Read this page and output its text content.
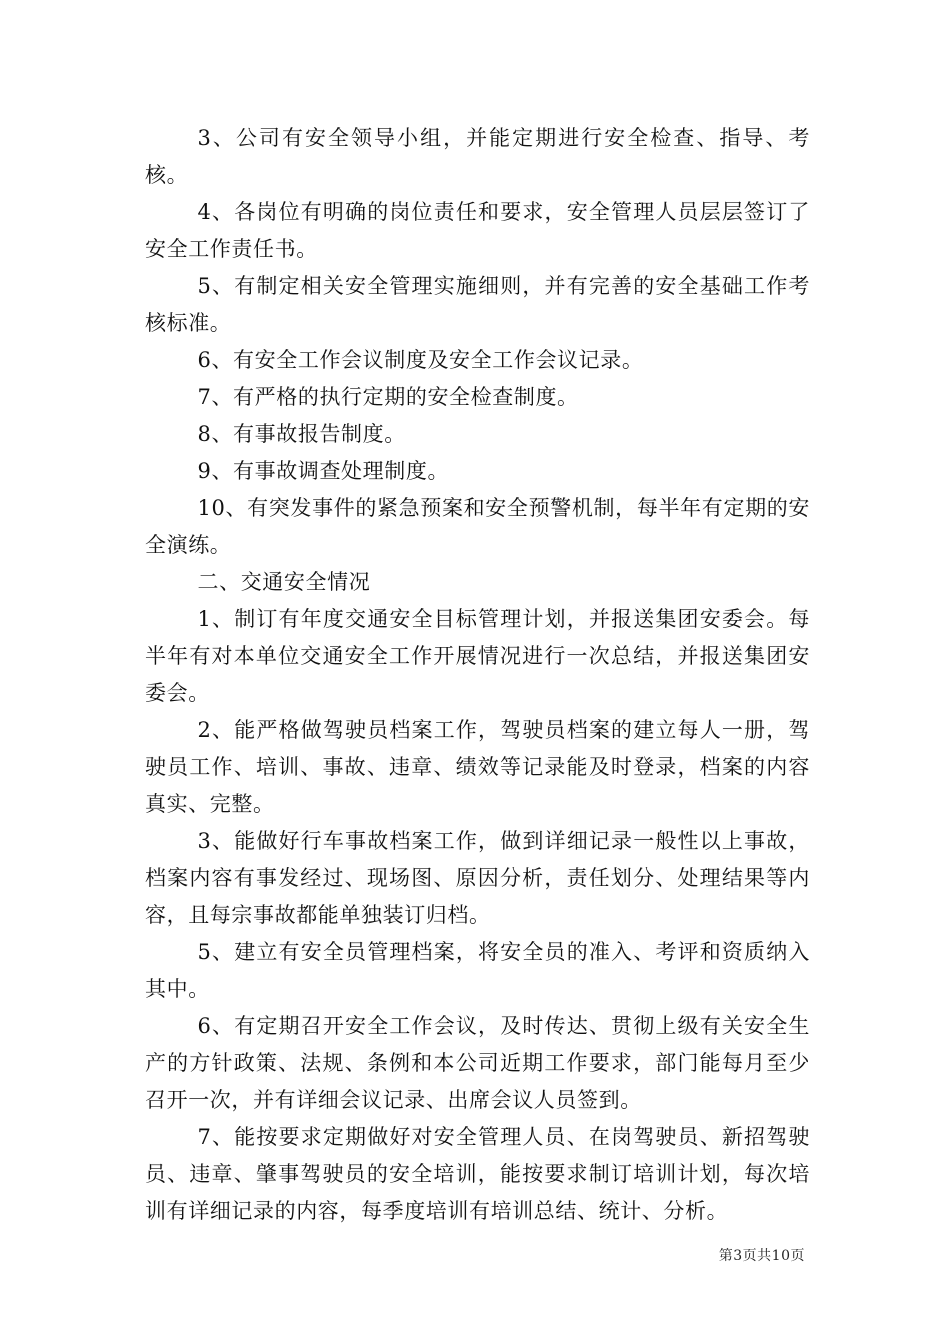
3、公司有安全领导小组，并能定期进行安全检查、指导、考核。

4、各岗位有明确的岗位责任和要求，安全管理人员层层签订了安全工作责任书。

5、有制定相关安全管理实施细则，并有完善的安全基础工作考核标准。

6、有安全工作会议制度及安全工作会议记录。

7、有严格的执行定期的安全检查制度。

8、有事故报告制度。

9、有事故调查处理制度。

10、有突发事件的紧急预案和安全预警机制，每半年有定期的安全演练。

二、交通安全情况

1、制订有年度交通安全目标管理计划，并报送集团安委会。每半年有对本单位交通安全工作开展情况进行一次总结，并报送集团安委会。

2、能严格做驾驶员档案工作，驾驶员档案的建立每人一册，驾驶员工作、培训、事故、违章、绩效等记录能及时登录，档案的内容真实、完整。

3、能做好行车事故档案工作，做到详细记录一般性以上事故，档案内容有事发经过、现场图、原因分析，责任划分、处理结果等内容，且每宗事故都能单独装订归档。

5、建立有安全员管理档案，将安全员的准入、考评和资质纳入其中。

6、有定期召开安全工作会议，及时传达、贯彻上级有关安全生产的方针政策、法规、条例和本公司近期工作要求，部门能每月至少召开一次，并有详细会议记录、出席会议人员签到。

7、能按要求定期做好对安全管理人员、在岗驾驶员、新招驾驶员、违章、肇事驾驶员的安全培训，能按要求制订培训计划，每次培训有详细记录的内容，每季度培训有培训总结、统计、分析。

第3页共10页
